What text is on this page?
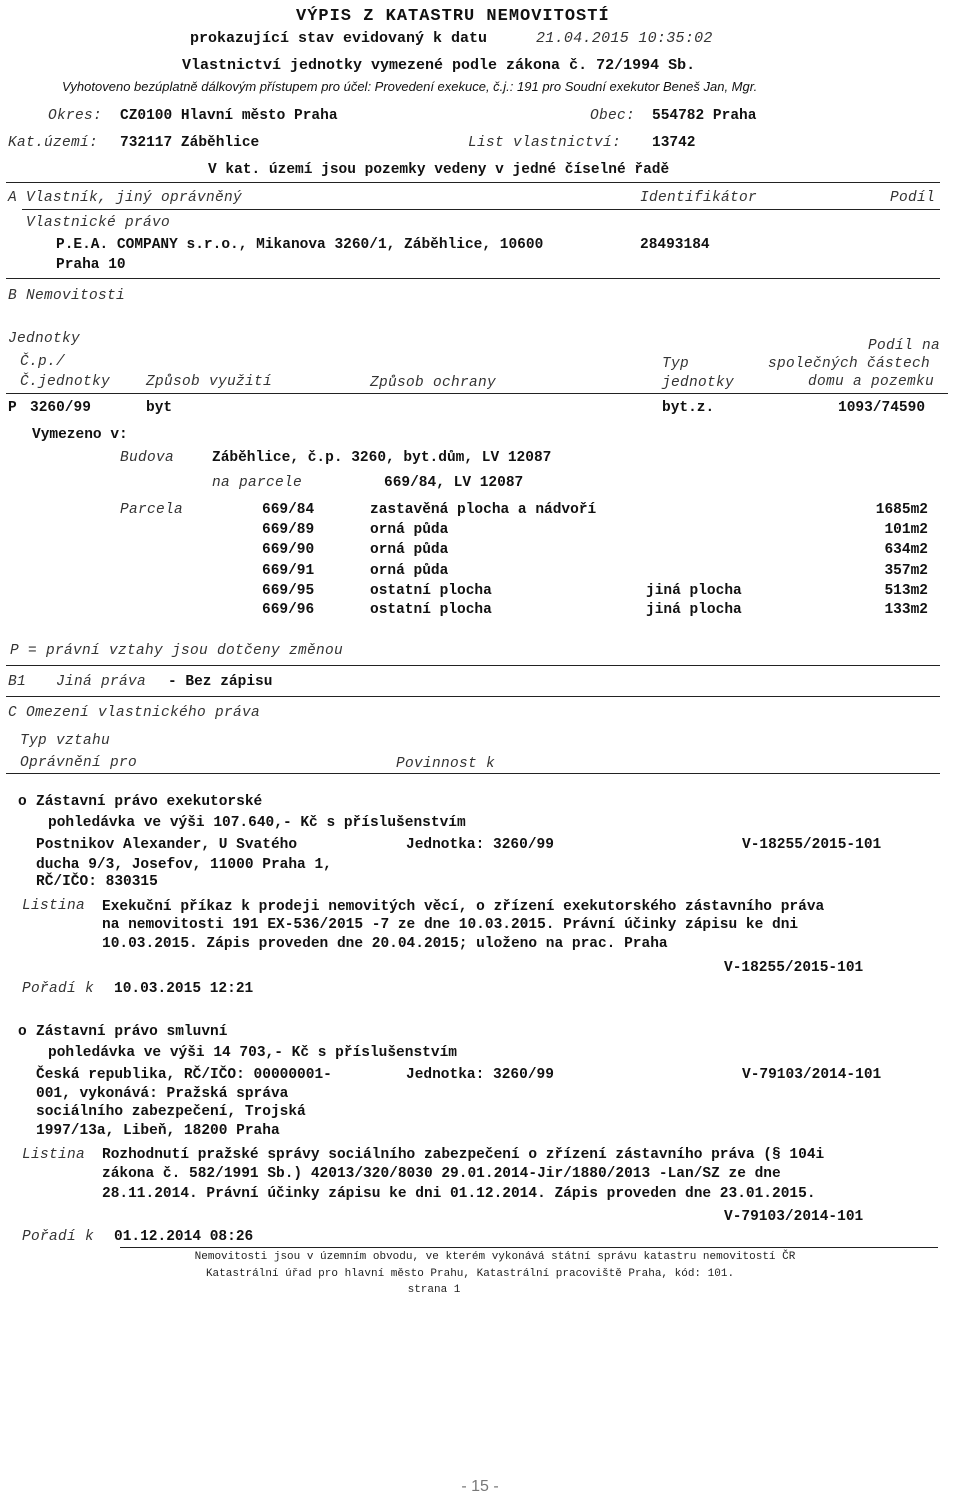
VÝPIS Z KATASTRU NEMOVITOSTÍ
prokazující stav evidovaný k datu	21.04.2015 10:35:02
Vlastnictví jednotky vymezené podle zákona č. 72/1994 Sb.
Vyhotoveno bezúplatně dálkovým přístupem pro účel: Provedení exekuce, č.j.: 191 pro Soudní exekutor Beneš Jan, Mgr.
Okres: CZ0100 Hlavní město Praha	Obec: 554782 Praha
Kat.území: 732117 Záběhlice	List vlastnictví: 13742
V kat. území jsou pozemky vedeny v jedné číselné řadě
A Vlastník, jiný oprávněný	Identifikátor	Podíl
Vlastnické právo
P.E.A. COMPANY s.r.o., Mikanova 3260/1, Záběhlice, 10600	28493184
Praha 10
B Nemovitosti
Jednotky	Podíl na
Č.p./	Typ	společných částech
Č.jednotky Způsob využití	Způsob ochrany	jednotky	domu a pozemku
P 3260/99	byt	byt.z.	1093/74590
Vymezeno v:
Budova	Záběhlice, č.p. 3260, byt.dům, LV 12087
na parcele	669/84, LV 12087
Parcela	669/84	zastavěná plocha a nádvoří	1685m2
669/89	orná půda	101m2
669/90	orná půda	634m2
669/91	orná půda	357m2
669/95	ostatní plocha	jiná plocha	513m2
669/96	ostatní plocha	jiná plocha	133m2
P = právní vztahy jsou dotčeny změnou
B1 Jiná práva - Bez zápisu
C Omezení vlastnického práva
Typ vztahu
Oprávnění pro	Povinnost k
o Zástavní právo exekutorské
pohledávka ve výši 107.640,- Kč s příslušenstvím
Postnikov Alexander, U Svatého	Jednotka: 3260/99	V-18255/2015-101
ducha 9/3, Josefov, 11000 Praha 1,
RČ/IČO: 830315
Listina Exekuční příkaz k prodeji nemovitých věcí, o zřízení exekutorského zástavního práva
na nemovitosti 191 EX-536/2015 -7 ze dne 10.03.2015. Právní účinky zápisu ke dni
10.03.2015. Zápis proveden dne 20.04.2015; uloženo na prac. Praha
V-18255/2015-101
Pořadí k 10.03.2015 12:21
o Zástavní právo smluvní
pohledávka ve výši 14 703,- Kč s příslušenstvím
Česká republika, RČ/IČO: 00000001-	Jednotka: 3260/99	V-79103/2014-101
001, vykonává: Pražská správa
sociálního zabezpečení, Trojská
1997/13a, Libeň, 18200 Praha
Listina Rozhodnutí pražské správy sociálního zabezpečení o zřízení zástavního práva (§ 104i
zákona č. 582/1991 Sb.) 42013/320/8030 29.01.2014-Jir/1880/2013 -Lan/SZ ze dne
28.11.2014. Právní účinky zápisu ke dni 01.12.2014. Zápis proveden dne 23.01.2015.
V-79103/2014-101
Pořadí k 01.12.2014 08:26
Nemovitosti jsou v územním obvodu, ve kterém vykonává státní správu katastru nemovitostí ČR
Katastrální úřad pro hlavní město Prahu, Katastrální pracoviště Praha, kód: 101.
strana 1
- 15 -
